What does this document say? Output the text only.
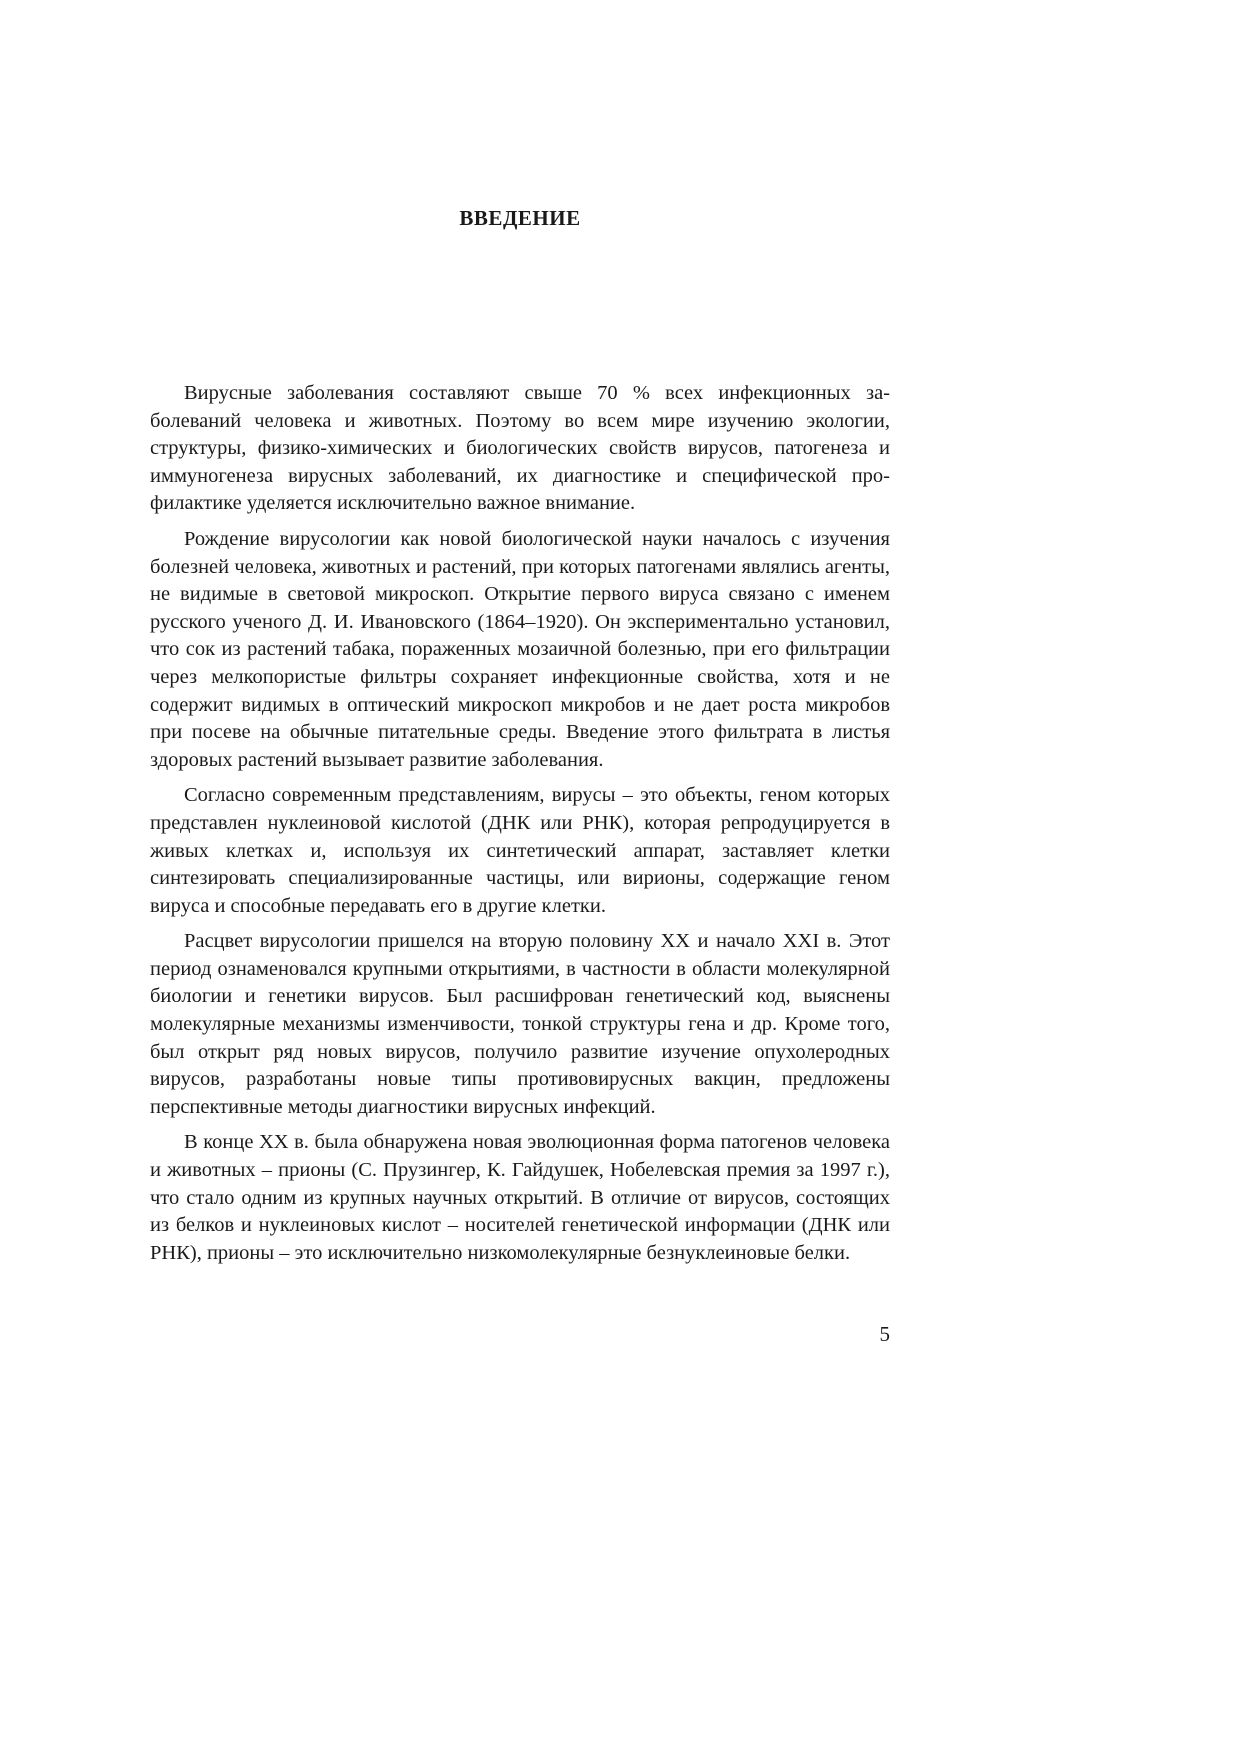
ВВЕДЕНИЕ

Вирусные заболевания составляют свыше 70 % всех инфекционных заболеваний человека и животных. Поэтому во всем мире изучению экологии, структуры, физико-химических и биологических свойств вирусов, патогенеза и иммуногенеза вирусных заболеваний, их диагностике и специфической профилактике уделяется исключительно важное внимание.

Рождение вирусологии как новой биологической науки началось с изучения болезней человека, животных и растений, при которых патогенами являлись агенты, не видимые в световой микроскоп. Открытие первого вируса связано с именем русского ученого Д. И. Ивановского (1864–1920). Он экспериментально установил, что сок из растений табака, пораженных мозаичной болезнью, при его фильтрации через мелкопористые фильтры сохраняет инфекционные свойства, хотя и не содержит видимых в оптический микроскоп микробов и не дает роста микробов при посеве на обычные питательные среды. Введение этого фильтрата в листья здоровых растений вызывает развитие заболевания.

Согласно современным представлениям, вирусы – это объекты, геном которых представлен нуклеиновой кислотой (ДНК или РНК), которая репродуцируется в живых клетках и, используя их синтетический аппарат, заставляет клетки синтезировать специализированные частицы, или вирионы, содержащие геном вируса и способные передавать его в другие клетки.

Расцвет вирусологии пришелся на вторую половину XX и начало XXI в. Этот период ознаменовался крупными открытиями, в частности в области молекулярной биологии и генетики вирусов. Был расшифрован генетический код, выяснены молекулярные механизмы изменчивости, тонкой структуры гена и др. Кроме того, был открыт ряд новых вирусов, получило развитие изучение опухолеродных вирусов, разработаны новые типы противовирусных вакцин, предложены перспективные методы диагностики вирусных инфекций.

В конце XX в. была обнаружена новая эволюционная форма патогенов человека и животных – прионы (С. Прузингер, К. Гайдушек, Нобелевская премия за 1997 г.), что стало одним из крупных научных открытий. В отличие от вирусов, состоящих из белков и нуклеиновых кислот – носителей генетической информации (ДНК или РНК), прионы – это исключительно низкомолекулярные безнуклеиновые белки.

5
